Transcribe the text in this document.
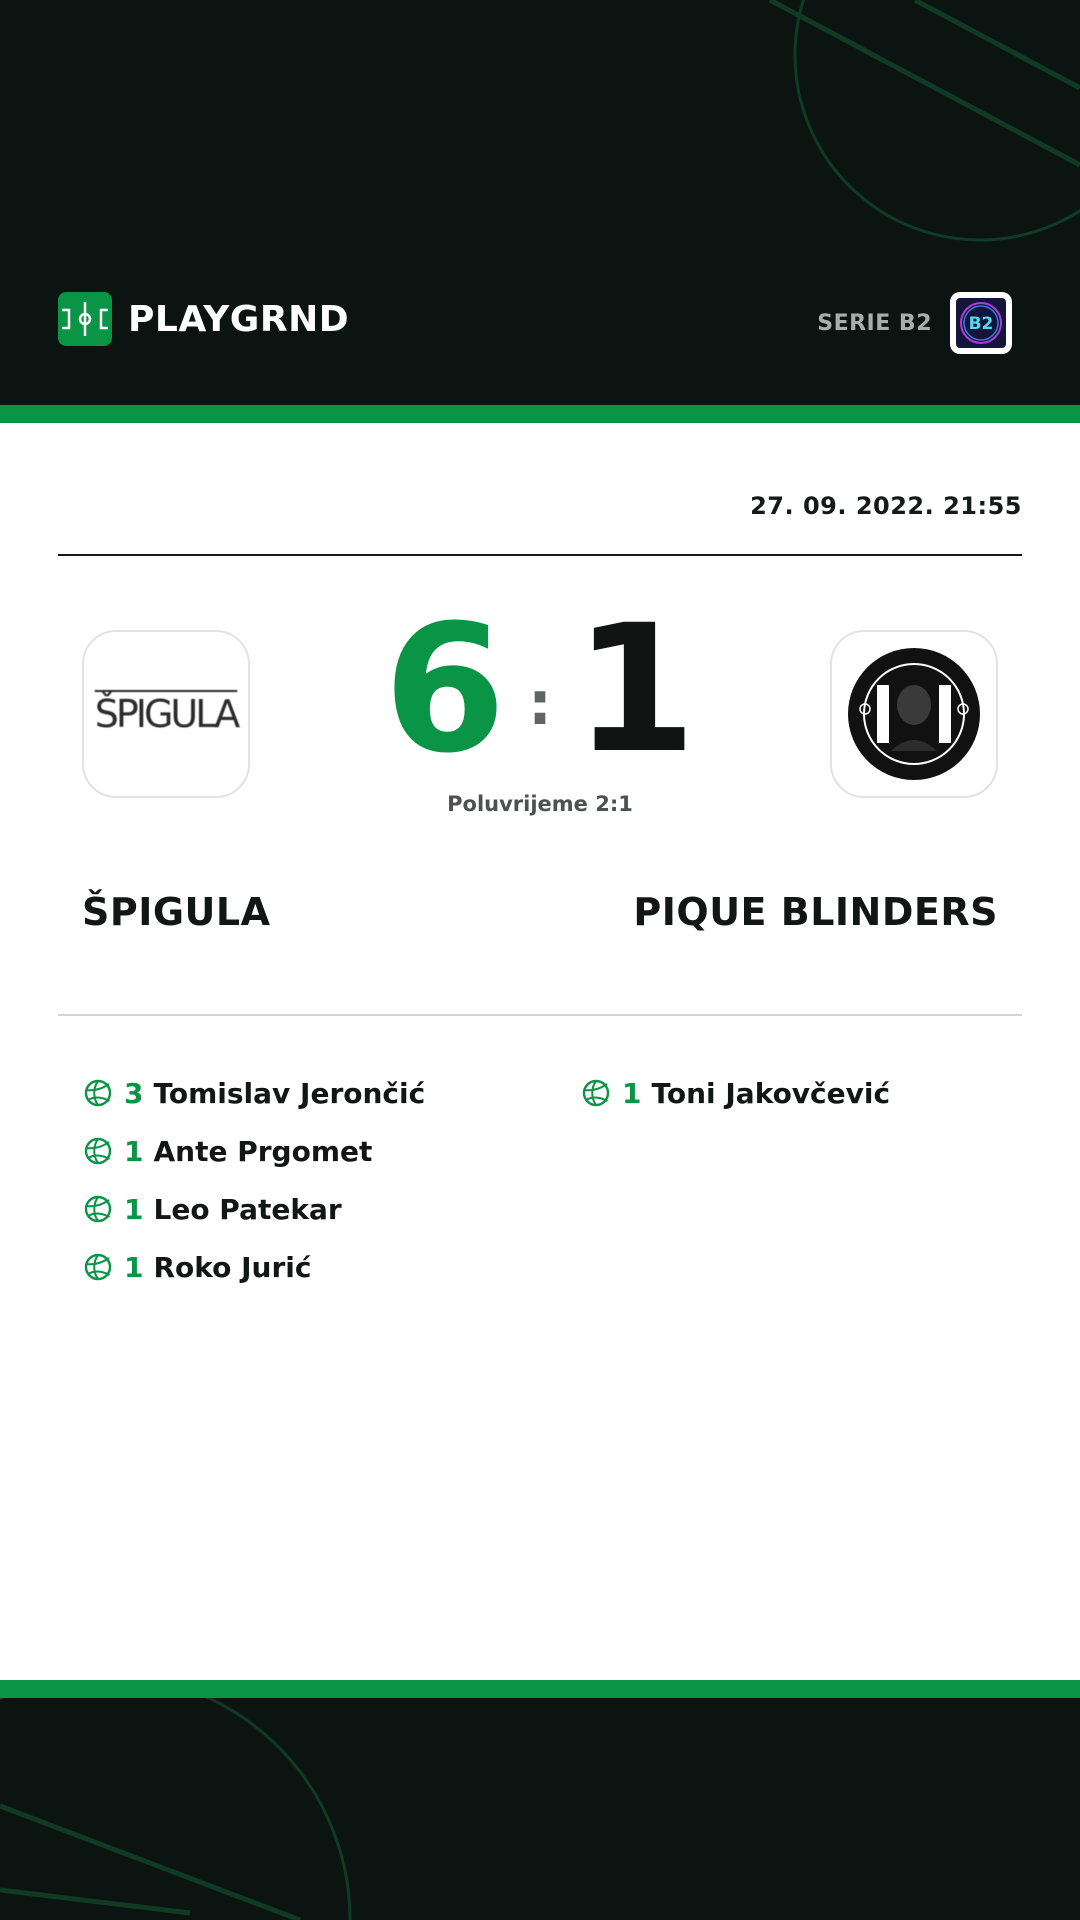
PLAYGRND	SERIE B2 B2
27. 09. 2022. 21:55
ŠPIGULA 6 : 1
Poluvrijeme 2:1
ŠPIGULA	PIQUE BLINDERS
3 Tomislav Jerončić
1 Ante Prgomet
1 Leo Patekar
1 Roko Jurić
1 Toni Jakovčević
